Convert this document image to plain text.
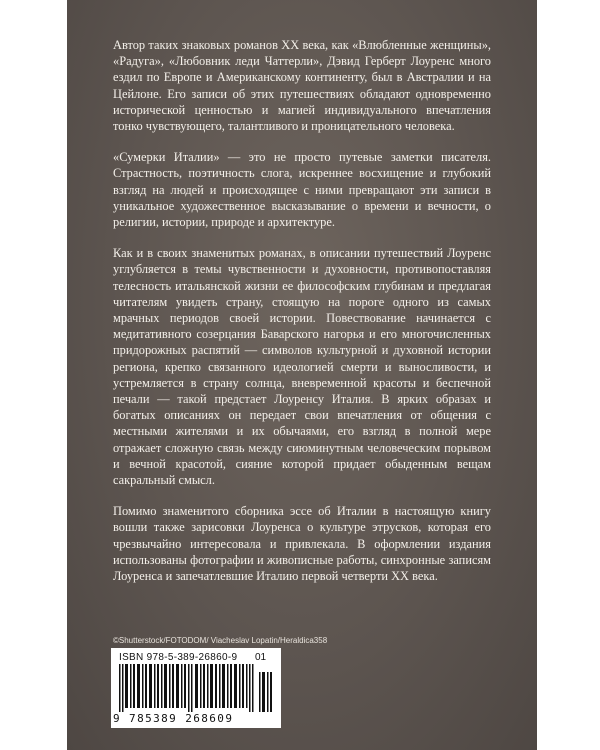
Автор таких знаковых романов XX века, как «Влюбленные женщины», «Радуга», «Любовник леди Чаттерли», Дэвид Герберт Лоуренс много ездил по Европе и Американскому континенту, был в Австралии и на Цейлоне. Его записи об этих путешествиях обладают одновременно исторической ценностью и магией индивидуального впечатления тонко чувствующего, талантливого и проницательного человека.

«Сумерки Италии» — это не просто путевые заметки писателя. Страстность, поэтичность слога, искреннее восхищение и глубокий взгляд на людей и происходящее с ними превращают эти записи в уникальное художественное высказывание о времени и вечности, о религии, истории, природе и архитектуре.

Как и в своих знаменитых романах, в описании путешествий Лоуренс углубляется в темы чувственности и духовности, противопоставляя телесность итальянской жизни ее философским глубинам и предлагая читателям увидеть страну, стоящую на пороге одного из самых мрачных периодов своей истории. Повествование начинается с медитативного созерцания Баварского нагорья и его многочисленных придорожных распятий — символов культурной и духовной истории региона, крепко связанного идеологией смерти и выносливости, и устремляется в страну солнца, вневременной красоты и беспечной печали — такой предстает Лоуренсу Италия. В ярких образах и богатых описаниях он передает свои впечатления от общения с местными жителями и их обычаями, его взгляд в полной мере отражает сложную связь между сиюминутным человеческим порывом и вечной красотой, сияние которой придает обыденным вещам сакральный смысл.

Помимо знаменитого сборника эссе об Италии в настоящую книгу вошли также зарисовки Лоуренса о культуре этрусков, которая его чрезвычайно интересовала и привлекала. В оформлении издания использованы фотографии и живописные работы, синхронные записям Лоуренса и запечатлевшие Италию первой четверти XX века.

©Shutterstock/FOTODOM/ Viacheslav Lopatin/Heraldica358
ISBN 978-5-389-26860-9 01
9 785389 268609
